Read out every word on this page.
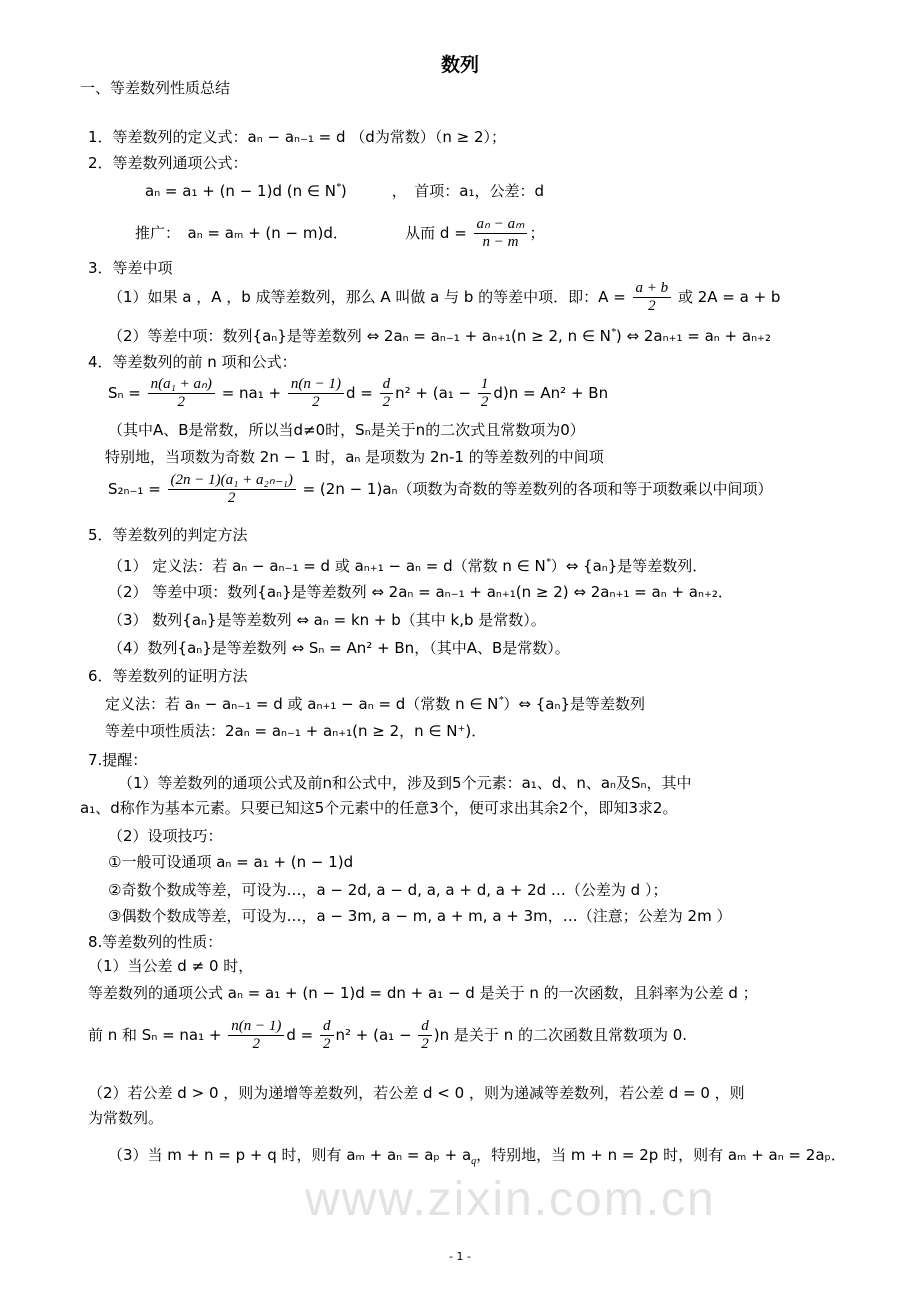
数列
www.zixin.com.cn
一、等差数列性质总结
1．等差数列的定义式：aₙ − aₙ₋₁ = d （d为常数）（n ≥ 2）；
2．等差数列通项公式：
aₙ = a₁ + (n − 1)d (n ∈ N*)　　　，　首项：a₁，公差：d
推广：　aₙ = aₘ + (n − m)d．　　　　 从而 $d = \frac{\text{aₙ − aₘ}}{n - m}$ ；
3．等差中项
（1）如果 a ，A ，b 成等差数列，那么 A 叫做 a 与 b 的等差中项．即：$A = \frac{a + b}{2}$ 或 2A = a + b
（2）等差中项：数列{aₙ}是等差数列 ⇔ 2aₙ = aₙ₋₁ + aₙ₊₁(n ≥ 2, n ∈ N*) ⇔ 2aₙ₊₁ = aₙ + aₙ₊₂
4．等差数列的前 n 项和公式：
$S_n = \frac{\text{n(a₁ + aₙ)}}{2} = na_1 + \frac{n(n - 1)}{2}$ $d = \frac{d}{2} n^2 + (a_1 - \frac{1}{2} d)n = An^2 + Bn$
（其中A、B是常数，所以当d≠0时，Sₙ是关于n的二次式且常数项为0）
特别地，当项数为奇数 2n − 1 时，aₙ 是项数为 2n-1 的等差数列的中间项
$S_{2n-1} = \frac{\text{(2n − 1)(a₁ + a₂ₙ₋₁)}}{2} = (2n - 1)a_n$（项数为奇数的等差数列的各项和等于项数乘以中间项）
5．等差数列的判定方法
（1） 定义法：若 aₙ − aₙ₋₁ = d 或 aₙ₊₁ − aₙ = d（常数 n ∈ N*）⇔ {aₙ}是等差数列．
（2） 等差中项：数列{aₙ}是等差数列 ⇔ 2aₙ = aₙ₋₁ + aₙ₊₁(n ≥ 2) ⇔ 2aₙ₊₁ = aₙ + aₙ₊₂．
（3） 数列{aₙ}是等差数列 ⇔ aₙ = kn + b（其中 k,b 是常数）。
（4）数列{aₙ}是等差数列 ⇔ Sₙ = An² + Bn，（其中A、B是常数）。
6．等差数列的证明方法
定义法：若 aₙ − aₙ₋₁ = d 或 aₙ₊₁ − aₙ = d（常数 n ∈ N*）⇔ {aₙ}是等差数列
等差中项性质法：2aₙ = aₙ₋₁ + aₙ₊₁(n ≥ 2，n ∈ N⁺)．
7.提醒：
（1）等差数列的通项公式及前n和公式中，涉及到5个元素：a₁、d、n、aₙ及Sₙ，其中
a₁、d称作为基本元素。只要已知这5个元素中的任意3个，便可求出其余2个，即知3求2。
（2）设项技巧：
①一般可设通项 aₙ = a₁ + (n − 1)d
②奇数个数成等差，可设为…，a − 2d, a − d, a, a + d, a + 2d …（公差为 d ）；
③偶数个数成等差，可设为…，a − 3m, a − m, a + m, a + 3m，…（注意；公差为 2m ）
8.等差数列的性质：
（1）当公差 d ≠ 0 时，
等差数列的通项公式 aₙ = a₁ + (n − 1)d = dn + a₁ − d 是关于 n 的一次函数，且斜率为公差 d ；
前 n 和 $S_n = na_1 + \frac{n(n - 1)}{2}$ $d = \frac{d}{2} n^2 + (a_1 - \frac{d}{2} )n$ 是关于 n 的二次函数且常数项为 0.
（2）若公差 d > 0 ，则为递增等差数列，若公差 d < 0 ，则为递减等差数列，若公差 d = 0 ，则
为常数列。
（3）当 m + n = p + q 时，则有 $a_m + a_n = a_p + a_q$，特别地，当 m + n = 2p 时，则有 aₘ + aₙ = 2aₚ．
- 1 -
